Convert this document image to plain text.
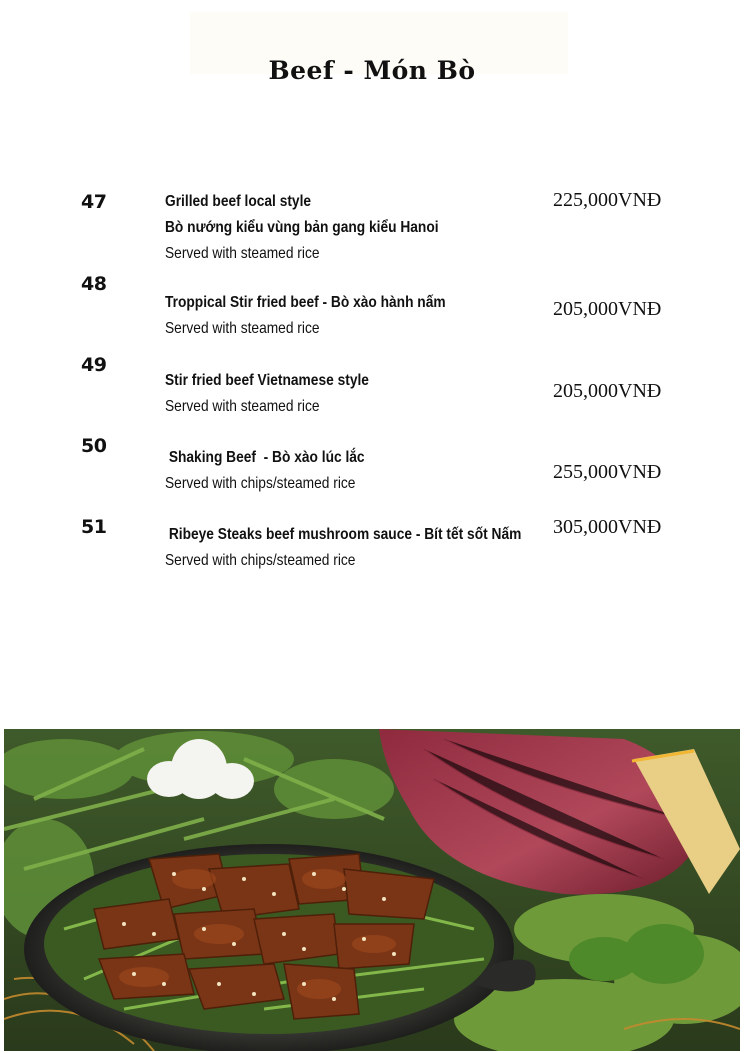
Beef - Món Bò
47	Grilled beef local style
Bò nướng kiểu vùng bản gang kiểu Hanoi
Served with steamed rice
225,000VNĐ
48
Troppical Stir fried beef - Bò xào hành nấm
Served with steamed rice
205,000VNĐ
49
Stir fried beef Vietnamese style
Served with steamed rice
205,000VNĐ
50
Shaking Beef  - Bò xào lúc lắc
Served with chips/steamed rice
255,000VNĐ
51	Ribeye Steaks beef mushroom sauce - Bít tết sốt Nấm
Served with chips/steamed rice
305,000VNĐ
